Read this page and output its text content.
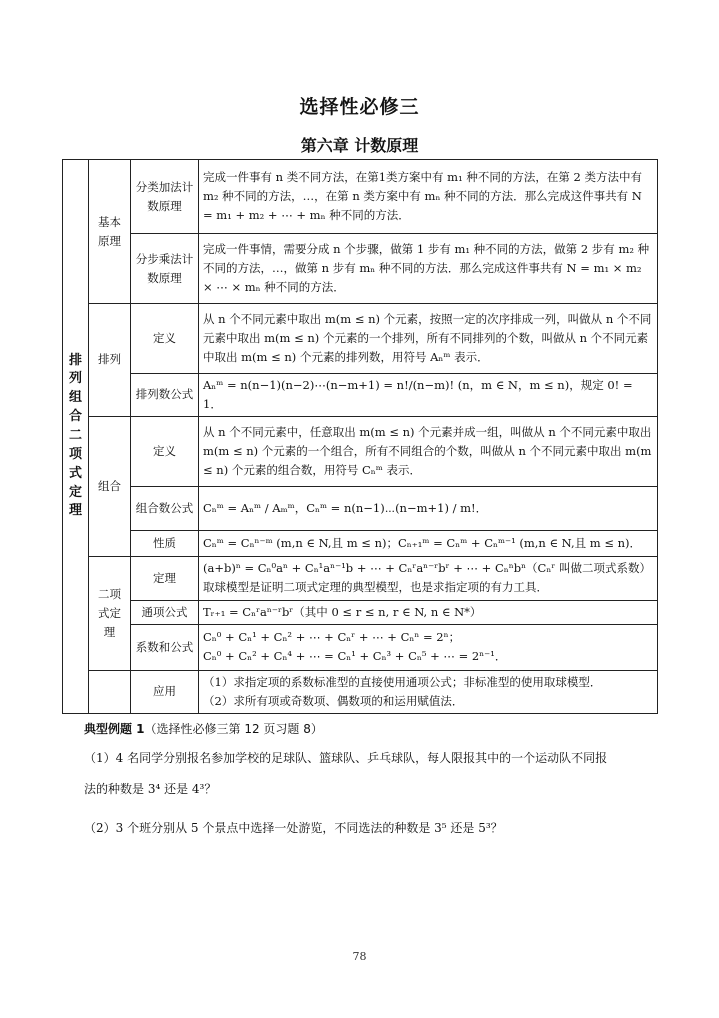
选择性必修三
第六章 计数原理
排列组合二项式定理	基本原理	分类加法计数原理	完成一件事有 n 类不同方法，在第1类方案中有 m₁ 种不同的方法，在第 2 类方法中有 m₂ 种不同的方法，…，在第 n 类方案中有 mₙ 种不同的方法．那么完成这件事共有 N = m₁ + m₂ + ⋯ + mₙ 种不同的方法．
		分步乘法计数原理	完成一件事情，需要分成 n 个步骤，做第 1 步有 m₁ 种不同的方法，做第 2 步有 m₂ 种不同的方法，…，做第 n 步有 mₙ 种不同的方法．那么完成这件事共有 N = m₁ × m₂ × ⋯ × mₙ 种不同的方法．
	排列	定义	从 n 个不同元素中取出 m(m ≤ n) 个元素，按照一定的次序排成一列，叫做从 n 个不同元素中取出 m(m ≤ n) 个元素的一个排列，所有不同排列的个数，叫做从 n 个不同元素中取出 m(m ≤ n) 个元素的排列数，用符号 Aₙᵐ 表示．
		排列数公式	Aₙᵐ = n(n−1)(n−2)⋯(n−m+1) = n!/(n−m)! (n，m ∈ N，m ≤ n)，规定 0! = 1．
	组合	定义	从 n 个不同元素中，任意取出 m(m ≤ n) 个元素并成一组，叫做从 n 个不同元素中取出 m(m ≤ n) 个元素的一个组合，所有不同组合的个数，叫做从 n 个不同元素中取出 m(m ≤ n) 个元素的组合数，用符号 Cₙᵐ 表示．
		组合数公式	Cₙᵐ = Aₙᵐ / Aₘᵐ，Cₙᵐ = n(n−1)⋯(n−m+1) / m!．
		性质	Cₙᵐ = Cₙⁿ⁻ᵐ (m,n ∈ N,且 m ≤ n)；Cₙ₊₁ᵐ = Cₙᵐ + Cₙᵐ⁻¹ (m,n ∈ N,且 m ≤ n)．
	二项式定理	定理	(a+b)ⁿ = Cₙ⁰aⁿ + Cₙ¹aⁿ⁻¹b + ⋯ + Cₙʳaⁿ⁻ʳbʳ + ⋯ + Cₙⁿbⁿ（Cₙʳ 叫做二项式系数）
取球模型是证明二项式定理的典型模型，也是求指定项的有力工具．

		通项公式	Tᵣ₊₁ = Cₙʳaⁿ⁻ʳbʳ（其中 0 ≤ r ≤ n, r ∈ N, n ∈ N*）
		系数和公式	Cₙ⁰ + Cₙ¹ + Cₙ² + ⋯ + Cₙʳ + ⋯ + Cₙⁿ = 2ⁿ；
Cₙ⁰ + Cₙ² + Cₙ⁴ + ⋯ = Cₙ¹ + Cₙ³ + Cₙ⁵ + ⋯ = 2ⁿ⁻¹．

		应用	（1）求指定项的系数标准型的直接使用通项公式；非标准型的使用取球模型．
（2）求所有项或奇数项、偶数项的和运用赋值法．
典型例题 1（选择性必修三第 12 页习题 8）
（1）4 名同学分别报名参加学校的足球队、篮球队、乒乓球队，每人限报其中的一个运动队不同报
法的种数是 3⁴ 还是 4³？
（2）3 个班分别从 5 个景点中选择一处游览，不同选法的种数是 3⁵ 还是 5³？
78
